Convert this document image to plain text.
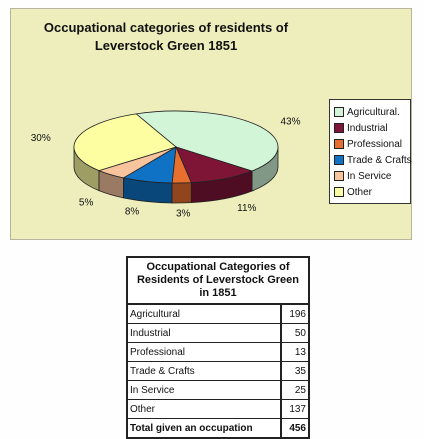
Occupational categories of residents of Leverstock Green 1851
43%
11%
3%
8%
5%
30%
Agricultural.
Industrial
Professional
Trade & Crafts
In Service
Other
Occupational Categories of Residents of Leverstock Green in 1851
Agricultural	196
Industrial	50
Professional	13
Trade & Crafts	35
In Service	25
Other	137
Total given an occupation	456
